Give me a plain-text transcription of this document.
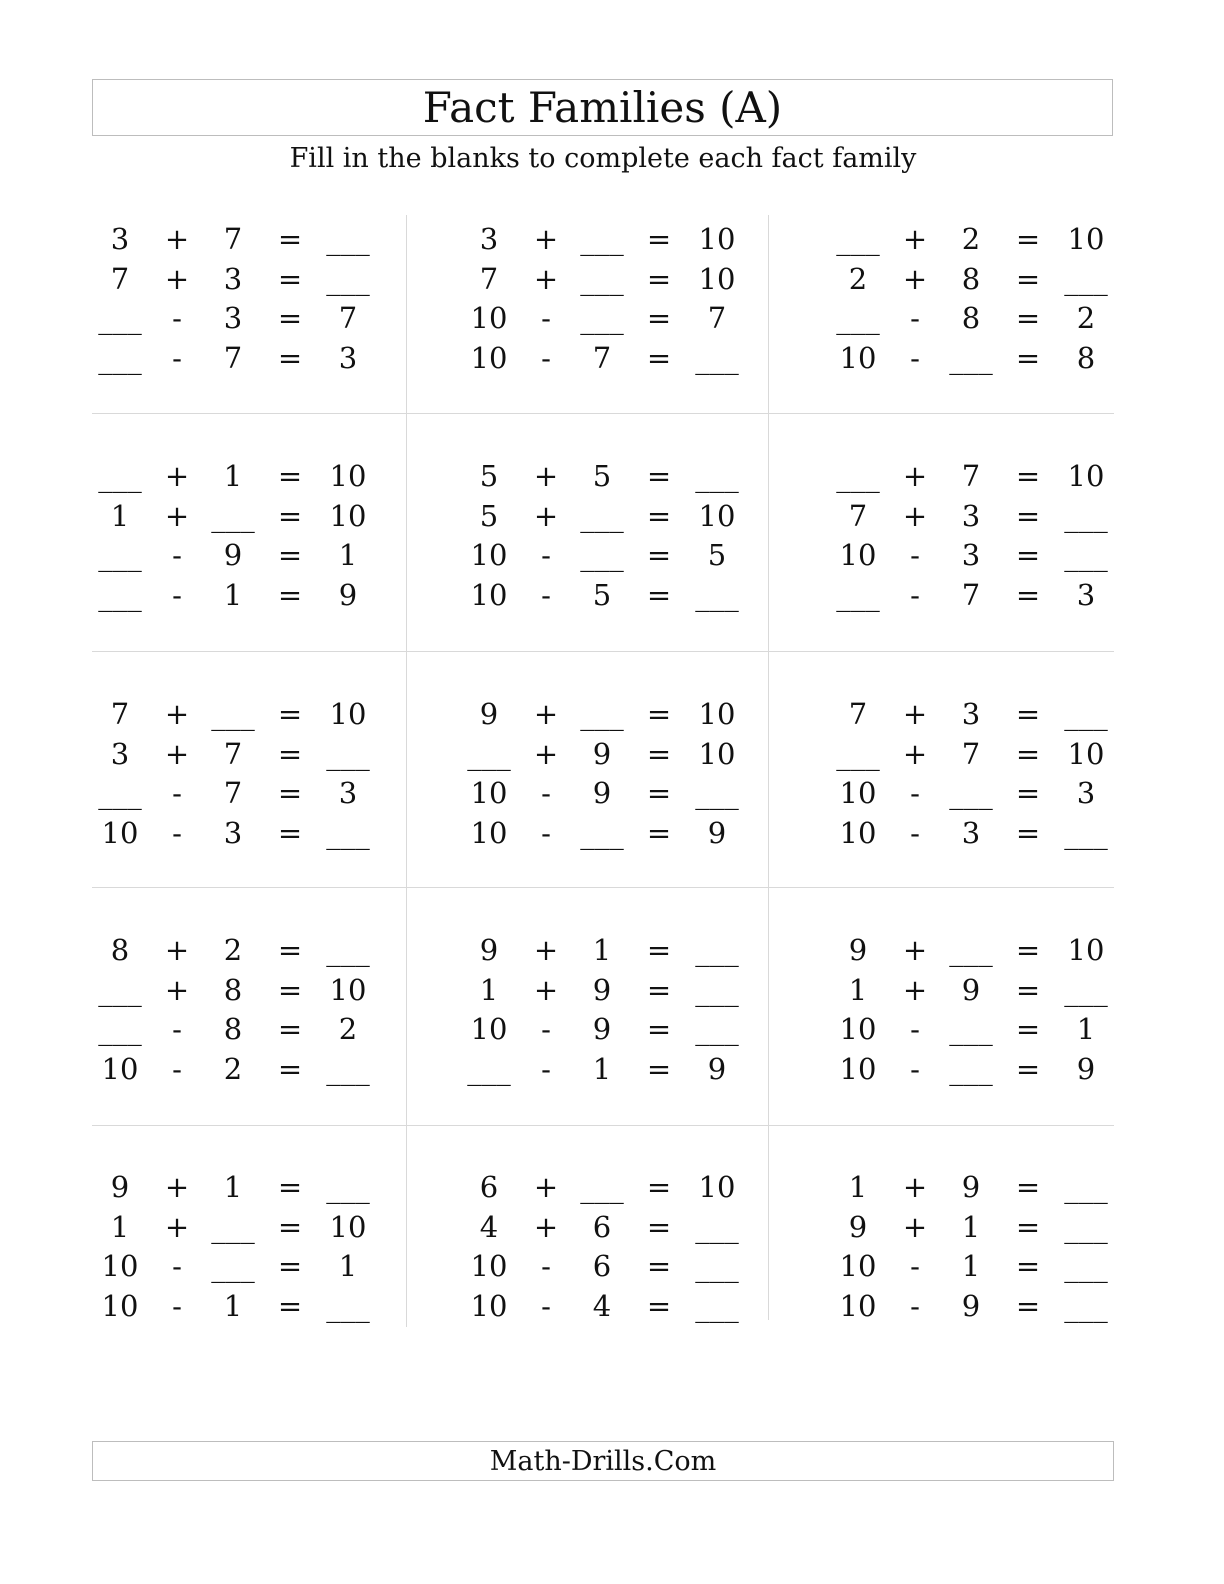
Fact Families (A)
Fill in the blanks to complete each fact family
3	+	7	= ___
7	+	3	= ___
___	-	3	=	7
___	-	7	=	3
3	+ ___ = 10
7	+ ___ = 10
10	-	___ =	7
10	-	7	= ___
___ +	2	= 10
2	+	8	= ___
___	-	8	=	2
10	-	___ =	8
___ +	1	= 10
1	+ ___ = 10
___	-	9	=	1
___	-	1	=	9
5	+	5	= ___
5	+ ___ = 10
10	-	___ =	5
10	-	5	= ___
___ +	7	= 10
7	+	3	= ___
10	-	3	= ___
___	-	7	=	3
7	+ ___ = 10
3	+	7	= ___
___	-	7	=	3
10	-	3	= ___
9	+ ___ = 10
___ +	9	= 10
10	-	9	= ___
10	-	___ =	9
7	+	3	= ___
___ +	7	= 10
10	-	___ =	3
10	-	3	= ___
8	+	2	= ___
___ +	8	= 10
___	-	8	=	2
10	-	2	= ___
9	+	1	= ___
1	+	9	= ___
10	-	9	= ___
___	-	1	=	9
9	+ ___ = 10
1	+	9	= ___
10	-	___ =	1
10	-	___ =	9
9	+	1	= ___
1	+ ___ = 10
10	-	___ =	1
10	-	1	= ___
6	+ ___ = 10
4	+	6	= ___
10	-	6	= ___
10	-	4	= ___
1	+	9	= ___
9	+	1	= ___
10	-	1	= ___
10	-	9	= ___
Math-Drills.Com
